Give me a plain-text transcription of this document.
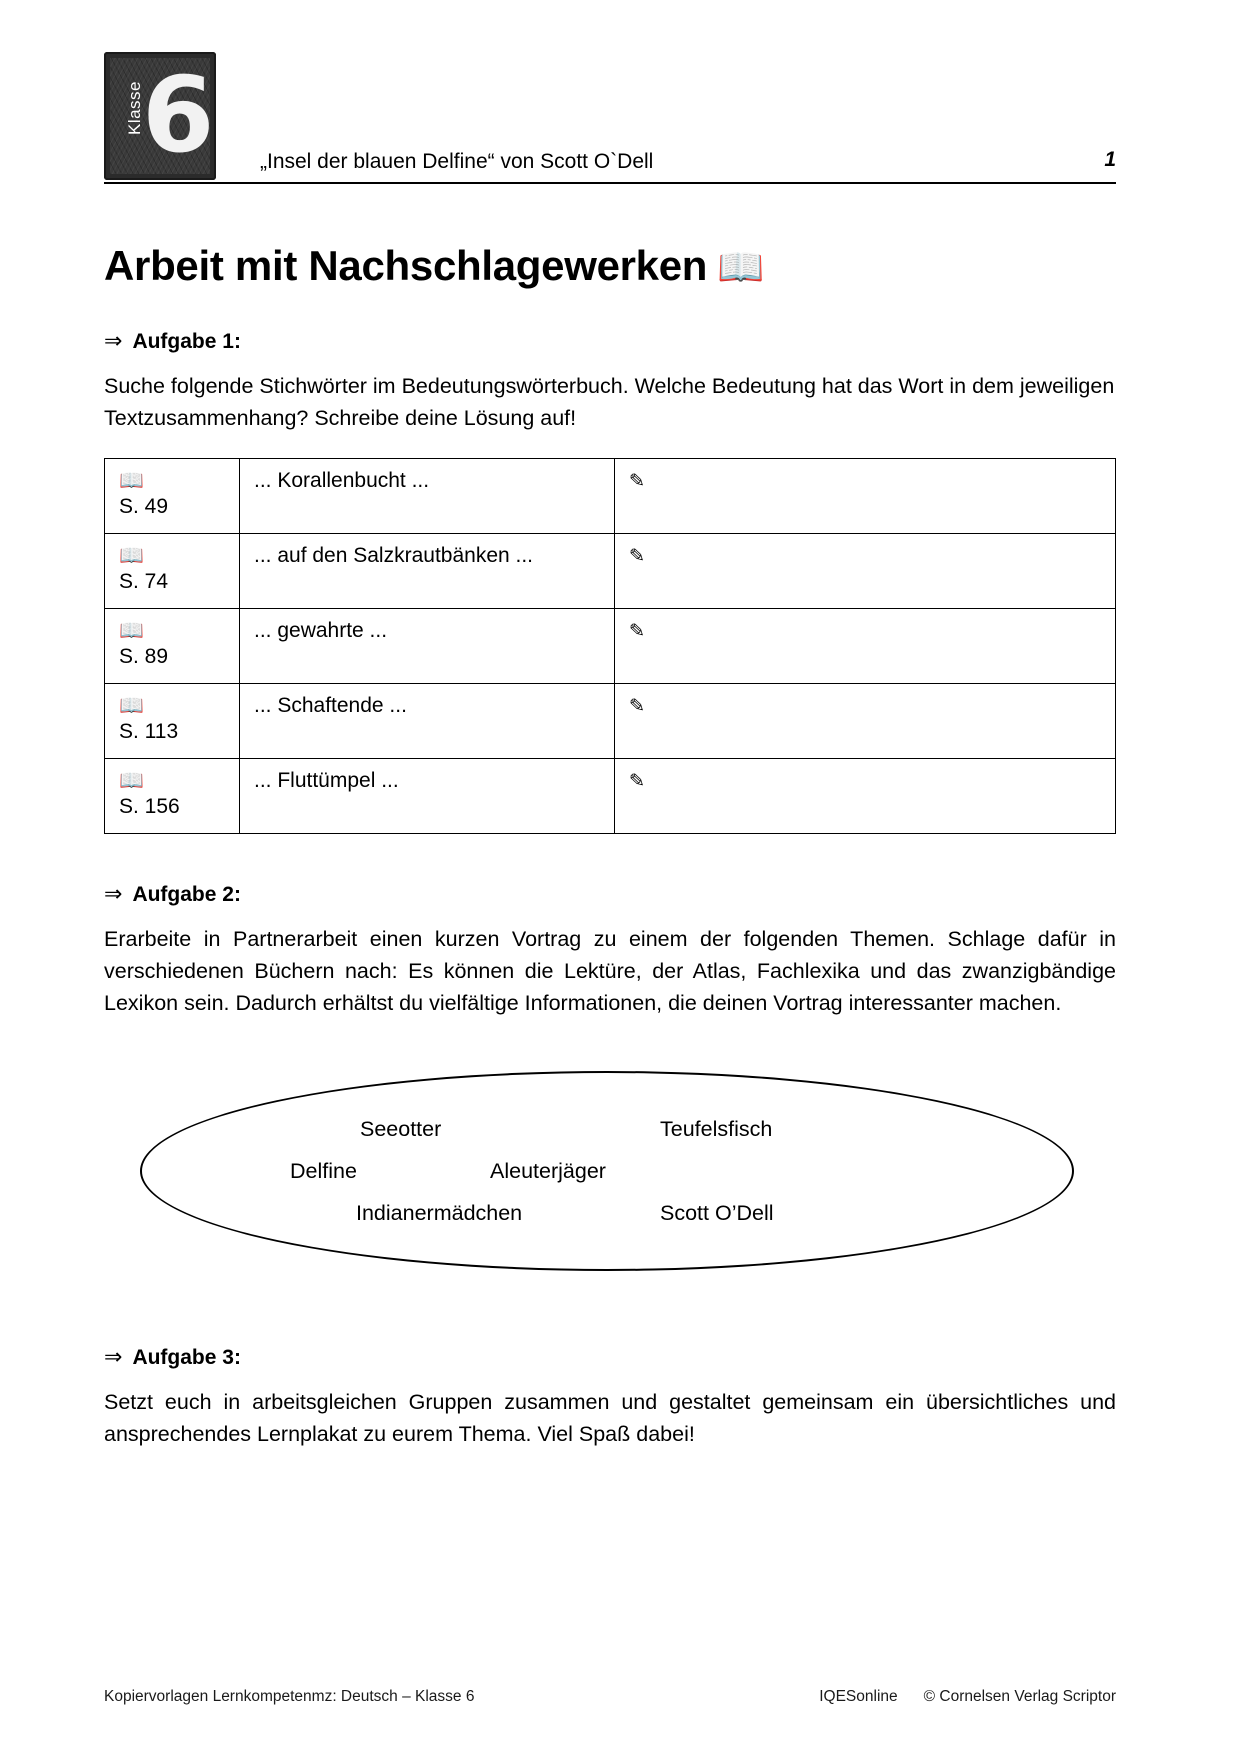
Klasse
6 „Insel der blauen Delfine“ von Scott O`Dell	1
Arbeit mit Nachschlagewerken 📖
⇒ Aufgabe 1:
Suche folgende Stichwörter im Bedeutungswörterbuch. Welche Bedeutung hat das Wort in dem jeweiligen Textzusammenhang? Schreibe deine Lösung auf!
📖
S. 49	... Korallenbucht ...	✎

📖
S. 74	... auf den Salzkrautbänken ...	✎

📖
S. 89	... gewahrte ...	✎

📖
S. 113	... Schaftende ...	✎

📖
S. 156	... Fluttümpel ...	✎
⇒ Aufgabe 2:
Erarbeite in Partnerarbeit einen kurzen Vortrag zu einem der folgenden Themen. Schlage dafür in verschiedenen Büchern nach: Es können die Lektüre, der Atlas, Fachlexika und das zwanzigbändige Lexikon sein. Dadurch erhältst du vielfältige Informationen, die deinen Vortrag interessanter machen.
Seeotter	Teufelsfisch
Delfine	Aleuterjäger
Indianermädchen	Scott O’Dell
⇒ Aufgabe 3:
Setzt euch in arbeitsgleichen Gruppen zusammen und gestaltet gemeinsam ein übersichtliches und ansprechendes Lernplakat zu eurem Thema. Viel Spaß dabei!
Kopiervorlagen Lernkompetenmz: Deutsch – Klasse 6	IQESonline © Cornelsen Verlag Scriptor
